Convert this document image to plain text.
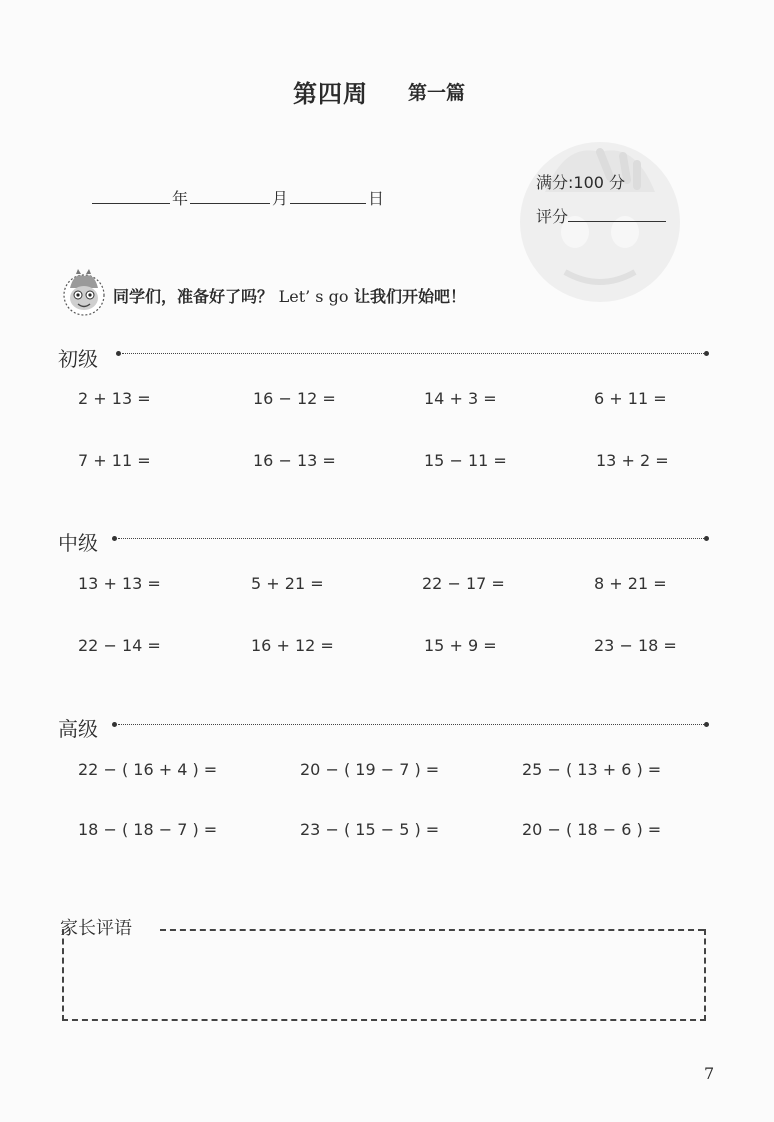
第四周 第一篇
年	月	日
满分:100 分
评分
同学们，准备好了吗？ Let’ s go 让我们开始吧！
初级
2 + 13 =	16 − 12 =	14 + 3 =	6 + 11 =
7 + 11 =	16 − 13 =	15 − 11 =	13 + 2 =
中级
13 + 13 =	5 + 21 =	22 − 17 =	8 + 21 =
22 − 14 =	16 + 12 =	15 + 9 =	23 − 18 =
高级
22 − ( 16 + 4 ) =	20 − ( 19 − 7 ) =	25 − ( 13 + 6 ) =
18 − ( 18 − 7 ) =	23 − ( 15 − 5 ) =	20 − ( 18 − 6 ) =
家长评语
7
